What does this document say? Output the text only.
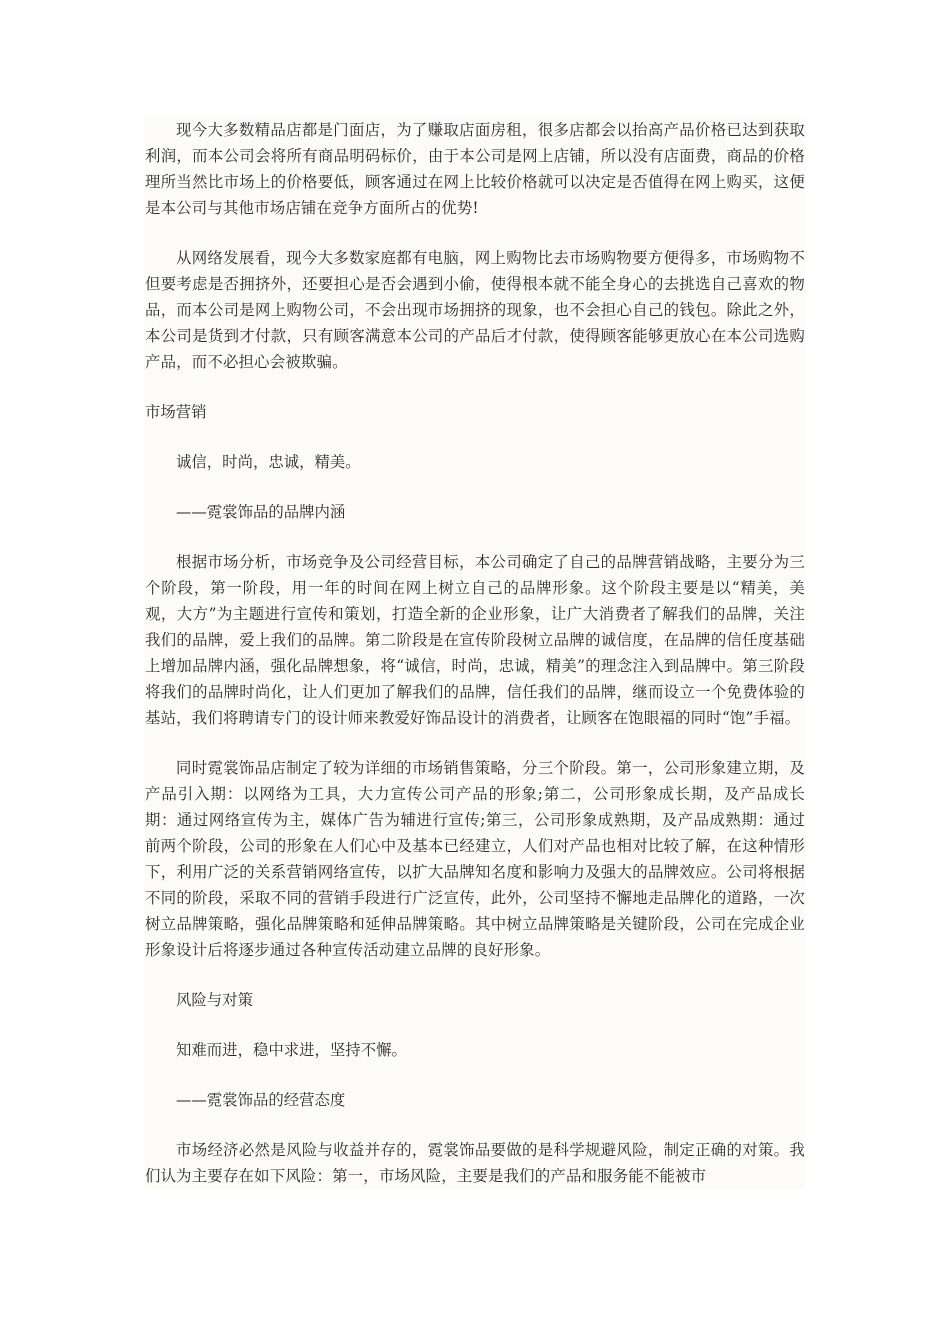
现今大多数精品店都是门面店，为了赚取店面房租，很多店都会以抬高产品价格已达到获取利润，而本公司会将所有商品明码标价，由于本公司是网上店铺，所以没有店面费，商品的价格理所当然比市场上的价格要低，顾客通过在网上比较价格就可以决定是否值得在网上购买，这便是本公司与其他市场店铺在竞争方面所占的优势!

从网络发展看，现今大多数家庭都有电脑，网上购物比去市场购物要方便得多，市场购物不但要考虑是否拥挤外，还要担心是否会遇到小偷，使得根本就不能全身心的去挑选自己喜欢的物品，而本公司是网上购物公司，不会出现市场拥挤的现象，也不会担心自己的钱包。除此之外，本公司是货到才付款，只有顾客满意本公司的产品后才付款，使得顾客能够更放心在本公司选购产品，而不必担心会被欺骗。

市场营销

诚信，时尚，忠诚，精美。

——霓裳饰品的品牌内涵

根据市场分析，市场竞争及公司经营目标，本公司确定了自己的品牌营销战略，主要分为三个阶段，第一阶段，用一年的时间在网上树立自己的品牌形象。这个阶段主要是以“精美，美观，大方”为主题进行宣传和策划，打造全新的企业形象，让广大消费者了解我们的品牌，关注我们的品牌，爱上我们的品牌。第二阶段是在宣传阶段树立品牌的诚信度，在品牌的信任度基础上增加品牌内涵，强化品牌想象，将“诚信，时尚，忠诚，精美”的理念注入到品牌中。第三阶段将我们的品牌时尚化，让人们更加了解我们的品牌，信任我们的品牌，继而设立一个免费体验的基站，我们将聘请专门的设计师来教爱好饰品设计的消费者，让顾客在饱眼福的同时“饱”手福。

同时霓裳饰品店制定了较为详细的市场销售策略，分三个阶段。第一，公司形象建立期，及产品引入期：以网络为工具，大力宣传公司产品的形象;第二，公司形象成长期，及产品成长期：通过网络宣传为主，媒体广告为辅进行宣传;第三，公司形象成熟期，及产品成熟期：通过前两个阶段，公司的形象在人们心中及基本已经建立，人们对产品也相对比较了解，在这种情形下，利用广泛的关系营销网络宣传，以扩大品牌知名度和影响力及强大的品牌效应。公司将根据不同的阶段，采取不同的营销手段进行广泛宣传，此外，公司坚持不懈地走品牌化的道路，一次树立品牌策略，强化品牌策略和延伸品牌策略。其中树立品牌策略是关键阶段，公司在完成企业形象设计后将逐步通过各种宣传活动建立品牌的良好形象。

风险与对策

知难而进，稳中求进，坚持不懈。

——霓裳饰品的经营态度

市场经济必然是风险与收益并存的，霓裳饰品要做的是科学规避风险，制定正确的对策。我们认为主要存在如下风险：第一，市场风险，主要是我们的产品和服务能不能被市
